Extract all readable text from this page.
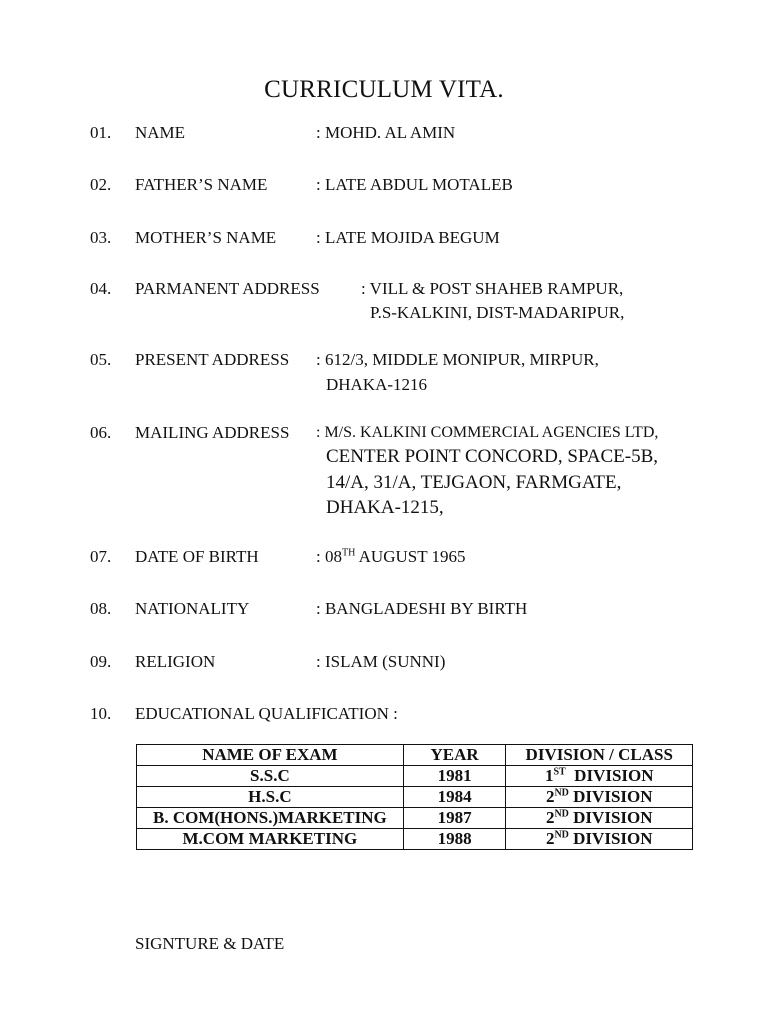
CURRICULUM VITA.
01. NAME	: MOHD. AL AMIN
02. FATHER’S NAME	: LATE ABDUL MOTALEB
03. MOTHER’S NAME : LATE MOJIDA BEGUM
04. PARMANENT ADDRESS : VILL & POST SHAHEB RAMPUR,
P.S-KALKINI, DIST-MADARIPUR,
05. PRESENT ADDRESS : 612/3, MIDDLE MONIPUR, MIRPUR,
DHAKA-1216
06. MAILING ADDRESS : M/S. KALKINI COMMERCIAL AGENCIES LTD,
CENTER POINT CONCORD, SPACE-5B,
14/A, 31/A, TEJGAON, FARMGATE,
DHAKA-1215,
07. DATE OF BIRTH	: 08TH AUGUST 1965
08. NATIONALITY	: BANGLADESHI BY BIRTH
09. RELIGION	: ISLAM (SUNNI)
10. EDUCATIONAL QUALIFICATION :
NAME OF EXAM	YEAR	DIVISION / CLASS
S.S.C	1981	1ST  DIVISION
H.S.C	1984	2ND DIVISION
B. COM(HONS.)MARKETING	1987	2ND DIVISION
M.COM MARKETING	1988	2ND DIVISION
SIGNTURE & DATE
